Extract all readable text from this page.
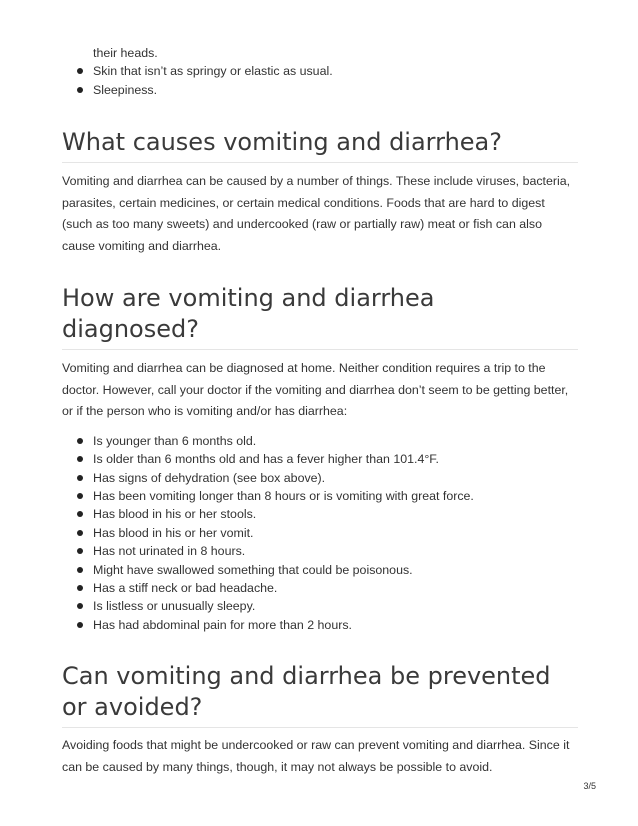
their heads.
Skin that isn’t as springy or elastic as usual.
Sleepiness.
What causes vomiting and diarrhea?

Vomiting and diarrhea can be caused by a number of things. These include viruses, bacteria, parasites, certain medicines, or certain medical conditions. Foods that are hard to digest (such as too many sweets) and undercooked (raw or partially raw) meat or fish can also cause vomiting and diarrhea.

How are vomiting and diarrhea diagnosed?

Vomiting and diarrhea can be diagnosed at home. Neither condition requires a trip to the doctor. However, call your doctor if the vomiting and diarrhea don’t seem to be getting better, or if the person who is vomiting and/or has diarrhea:

Is younger than 6 months old.
Is older than 6 months old and has a fever higher than 101.4°F.
Has signs of dehydration (see box above).
Has been vomiting longer than 8 hours or is vomiting with great force.
Has blood in his or her stools.
Has blood in his or her vomit.
Has not urinated in 8 hours.
Might have swallowed something that could be poisonous.
Has a stiff neck or bad headache.
Is listless or unusually sleepy.
Has had abdominal pain for more than 2 hours.
Can vomiting and diarrhea be prevented
or avoided?

Avoiding foods that might be undercooked or raw can prevent vomiting and diarrhea. Since it can be caused by many things, though, it may not always be possible to avoid.

3/5
